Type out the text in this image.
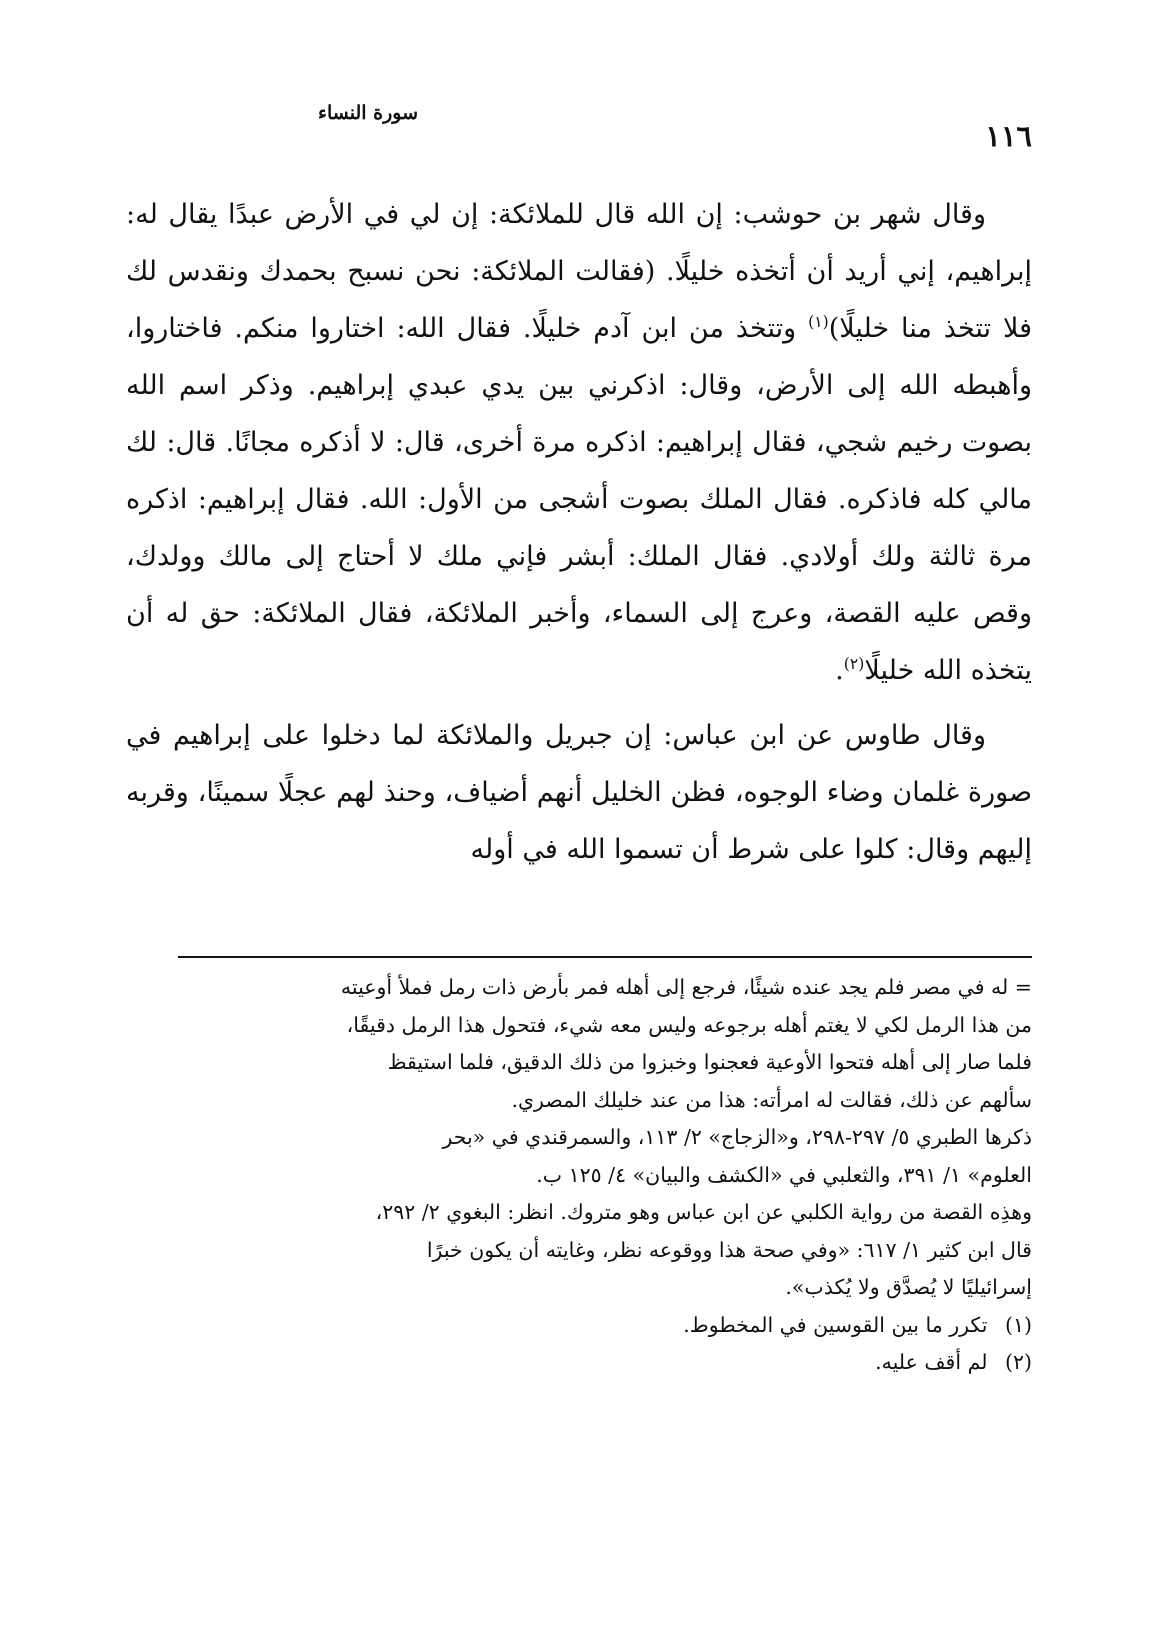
١١٦
سورة النساء

وقال شهر بن حوشب: إن الله قال للملائكة: إن لي في الأرض عبدًا يقال له: إبراهيم، إني أريد أن أتخذه خليلًا. (فقالت الملائكة: نحن نسبح بحمدك ونقدس لك فلا تتخذ منا خليلًا)$^{(١)}$ وتتخذ من ابن آدم خليلًا. فقال الله: اختاروا منكم. فاختاروا، وأهبطه الله إلى الأرض، وقال: اذكرني بين يدي عبدي إبراهيم. وذكر اسم الله بصوت رخيم شجي، فقال إبراهيم: اذكره مرة أخرى، قال: لا أذكره مجانًا. قال: لك مالي كله فاذكره. فقال الملك بصوت أشجى من الأول: الله. فقال إبراهيم: اذكره مرة ثالثة ولك أولادي. فقال الملك: أبشر فإني ملك لا أحتاج إلى مالك وولدك، وقص عليه القصة، وعرج إلى السماء، وأخبر الملائكة، فقال الملائكة: حق له أن يتخذه الله خليلًا$^{(٢)}$.

وقال طاوس عن ابن عباس: إن جبريل والملائكة لما دخلوا على إبراهيم في صورة غلمان وضاء الوجوه، فظن الخليل أنهم أضياف، وحنذ لهم عجلًا سمينًا، وقربه إليهم وقال: كلوا على شرط أن تسموا الله في أوله

= له في مصر فلم يجد عنده شيئًا، فرجع إلى أهله فمر بأرض ذات رمل فملأ أوعيته

من هذا الرمل لكي لا يغتم أهله برجوعه وليس معه شيء، فتحول هذا الرمل دقيقًا،

فلما صار إلى أهله فتحوا الأوعية فعجنوا وخبزوا من ذلك الدقيق، فلما استيقظ

سألهم عن ذلك، فقالت له امرأته: هذا من عند خليلك المصري.

ذكرها الطبري ٥/ ٢٩٧-٢٩٨، و«الزجاج» ٢/ ١١٣، والسمرقندي في «بحر

العلوم» ١/ ٣٩١، والثعلبي في «الكشف والبيان» ٤/ ١٢٥ ب.

وهذِه القصة من رواية الكلبي عن ابن عباس وهو متروك. انظر: البغوي ٢/ ٢٩٢،

قال ابن كثير ١/ ٦١٧: «وفي صحة هذا ووقوعه نظر، وغايته أن يكون خبرًا

إسرائيليًا لا يُصدَّق ولا يُكذب».

(١) تكرر ما بين القوسين في المخطوط.

(٢) لم أقف عليه.
